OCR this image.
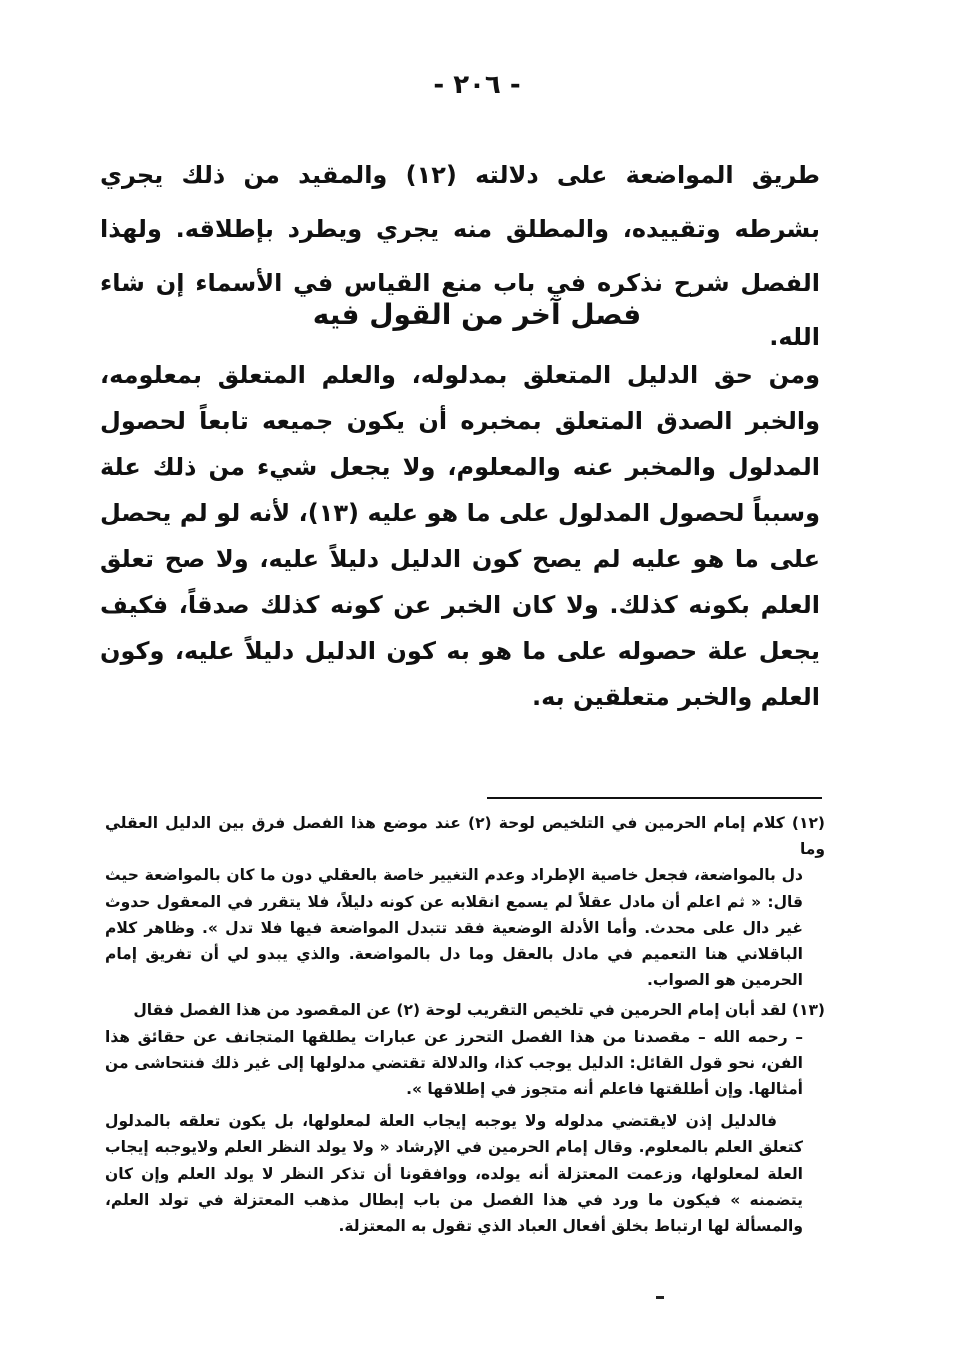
- ٢٠٦ -

طريق المواضعة على دلالته (١٢) والمقيد من ذلك يجري بشرطه وتقييده، والمطلق منه يجري ويطرد بإطلاقه. ولهذا الفصل شرح نذكره في باب منع القياس في الأسماء إن شاء الله.

فصل آخر من القول فيه

ومن حق الدليل المتعلق بمدلوله، والعلم المتعلق بمعلومه، والخبر الصدق المتعلق بمخبره أن يكون جميعه تابعاً لحصول المدلول والمخبر عنه والمعلوم، ولا يجعل شيء من ذلك علة وسبباً لحصول المدلول على ما هو عليه (١٣)، لأنه لو لم يحصل على ما هو عليه لم يصح كون الدليل دليلاً عليه، ولا صح تعلق العلم بكونه كذلك. ولا كان الخبر عن كونه كذلك صدقاً، فكيف يجعل علة حصوله على ما هو به كون الدليل دليلاً عليه، وكون العلم والخبر متعلقين به.

(١٢) كلام إمام الحرمين في التلخيص لوحة (٢) عند موضع هذا الفصل فرق بين الدليل العقلي وما

دل بالمواضعة، فجعل خاصية الإطراد وعدم التغيير خاصة بالعقلي دون ما كان بالمواضعة حيث قال: « ثم اعلم أن مادل عقلاً لم يسمع انقلابه عن كونه دليلاً، فلا يتقرر في المعقول حدوث غير دال على محدث. وأما الأدلة الوضعية فقد تتبدل المواضعة فيها فلا تدل ». وظاهر كلام الباقلاني هنا التعميم في مادل بالعقل وما دل بالمواضعة. والذي يبدو لي أن تفريق إمام الحرمين هو الصواب.

(١٣) لقد أبان إمام الحرمين في تلخيص التقريب لوحة (٢) عن المقصود من هذا الفصل فقال

– رحمه الله – مقصدنا من هذا الفصل التحرز عن عبارات يطلقها المتجانف عن حقائق هذا الفن، نحو قول القائل: الدليل يوجب كذا، والدلالة تقتضي مدلولها إلى غير ذلك فنتحاشى من أمثالها. وإن أطلقتها فاعلم أنه متجوز في إطلاقها ».

فالدليل إذن لايقتضي مدلوله ولا يوجبه إيجاب العلة لمعلولها، بل يكون تعلقه بالمدلول كتعلق العلم بالمعلوم. وقال إمام الحرمين في الإرشاد « ولا يولد النظر العلم ولايوجبه إيجاب العلة لمعلولها، وزعمت المعتزلة أنه يولده، ووافقونا أن تذكر النظر لا يولد العلم وإن كان يتضمنه » فيكون ما ورد في هذا الفصل من باب إبطال مذهب المعتزلة في تولد العلم، والمسألة لها ارتباط بخلق أفعال العباد الذي تقول به المعتزلة.
